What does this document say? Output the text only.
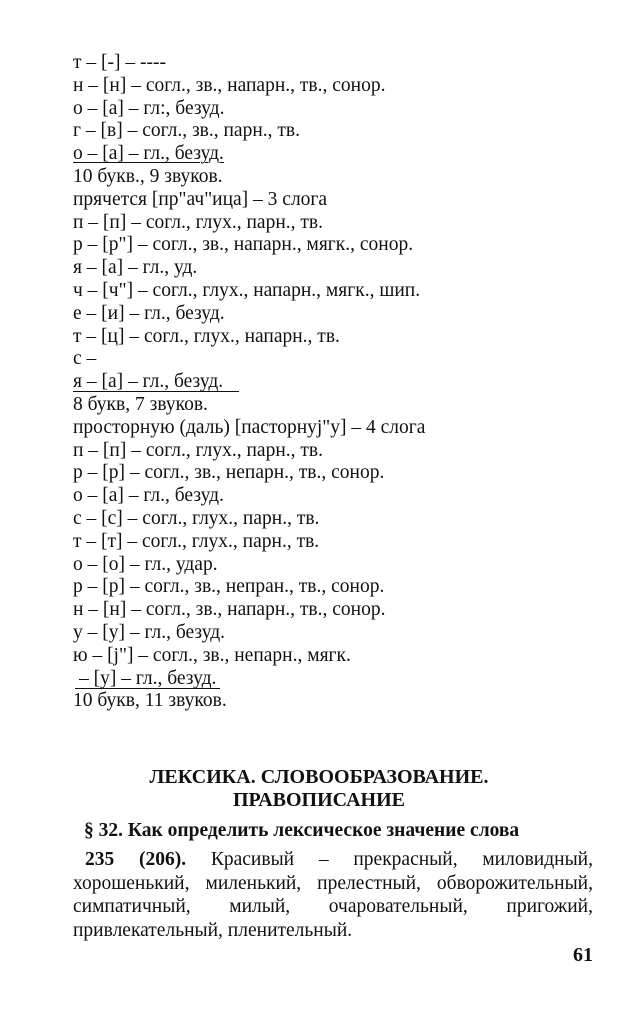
т – [-] – ----
н – [н] – согл., зв., напарн., тв., сонор.
о – [а] – гл:, безуд.
г – [в] – согл., зв., парн., тв.
о – [а] – гл., безуд.
10 букв., 9 звуков.
прячется [пр"ач"ица] – 3 слога
п – [п] – согл., глух., парн., тв.
р – [р"] – согл., зв., напарн., мягк., сонор.
я – [а] – гл., уд.
ч – [ч"] – согл., глух., напарн., мягк., шип.
е – [и] – гл., безуд.
т – [ц] – согл., глух., напарн., тв.
с –
я – [а] – гл., безуд.
8 букв, 7 звуков.
просторную (даль) [пасторнуј"у] – 4 слога
п – [п] – согл., глух., парн., тв.
р – [р] – согл., зв., непарн., тв., сонор.
о – [а] – гл., безуд.
с – [с] – согл., глух., парн., тв.
т – [т] – согл., глух., парн., тв.
о – [о] – гл., удар.
р – [р] – согл., зв., непран., тв., сонор.
н – [н] – согл., зв., напарн., тв., сонор.
у – [у] – гл., безуд.
ю – [ј"] – согл., зв., непарн., мягк.
– [у] – гл., безуд.
10 букв, 11 звуков.
ЛЕКСИКА. СЛОВООБРАЗОВАНИЕ.
ПРАВОПИСАНИЕ
§ 32. Как определить лексическое значение слова
235 (206). Красивый – прекрасный, миловидный, хорошенький, миленький, прелестный, обворожительный, симпатичный, милый, очаровательный, пригожий, привлекательный, пленительный.
61
